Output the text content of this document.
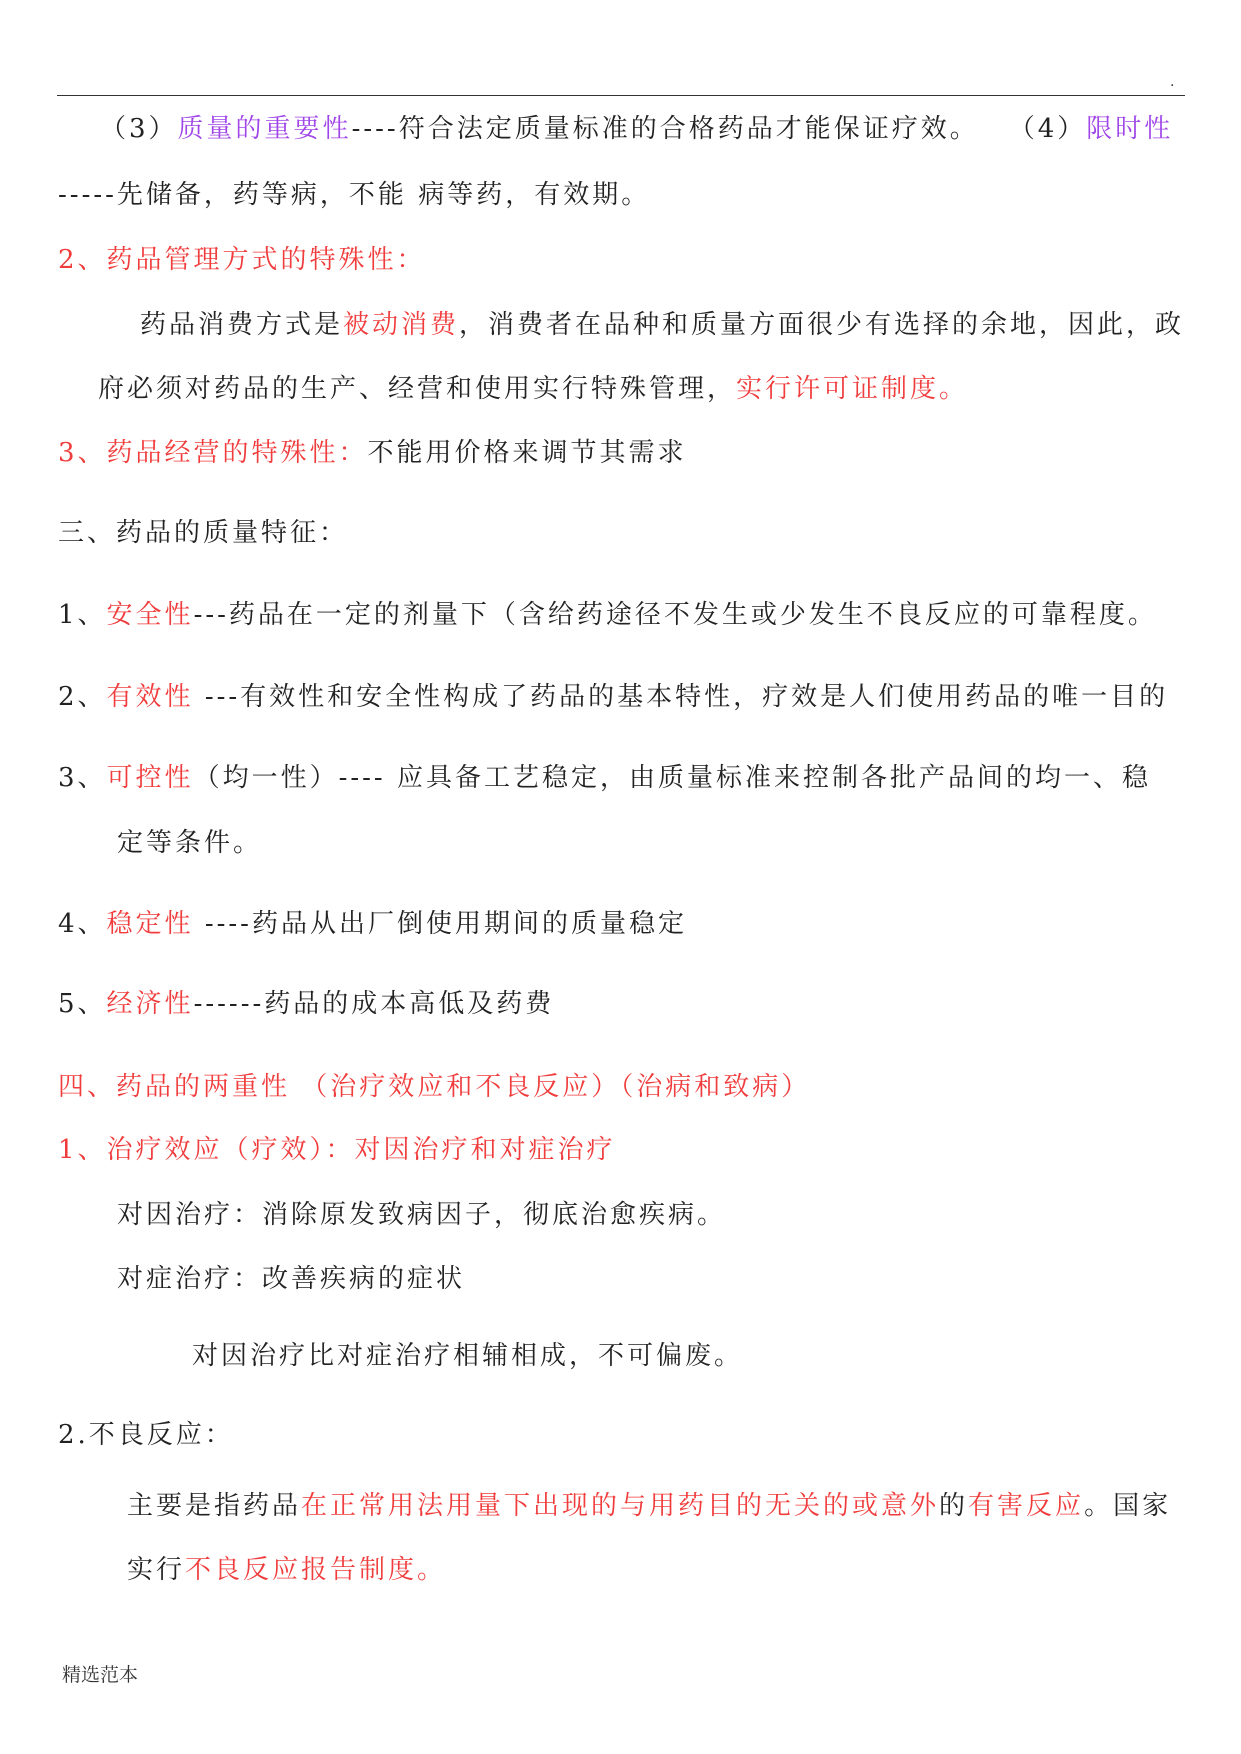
.
（3）质量的重要性----符合法定质量标准的合格药品才能保证疗效。 （4）限时性
-----先储备，药等病，不能 病等药，有效期。
2、药品管理方式的特殊性：
药品消费方式是被动消费，消费者在品种和质量方面很少有选择的余地，因此，政
府必须对药品的生产、经营和使用实行特殊管理，实行许可证制度。
3、药品经营的特殊性：不能用价格来调节其需求
三、药品的质量特征：
1、安全性---药品在一定的剂量下（含给药途径不发生或少发生不良反应的可靠程度。
2、有效性 ---有效性和安全性构成了药品的基本特性，疗效是人们使用药品的唯一目的
3、可控性（均一性）---- 应具备工艺稳定，由质量标准来控制各批产品间的均一、稳
定等条件。
4、稳定性 ----药品从出厂倒使用期间的质量稳定
5、经济性------药品的成本高低及药费
四、药品的两重性 （治疗效应和不良反应）（治病和致病）
1、治疗效应（疗效）：对因治疗和对症治疗
对因治疗：消除原发致病因子，彻底治愈疾病。
对症治疗：改善疾病的症状
对因治疗比对症治疗相辅相成，不可偏废。
2.不良反应：
主要是指药品在正常用法用量下出现的与用药目的无关的或意外的有害反应。国家
实行不良反应报告制度。
精选范本
